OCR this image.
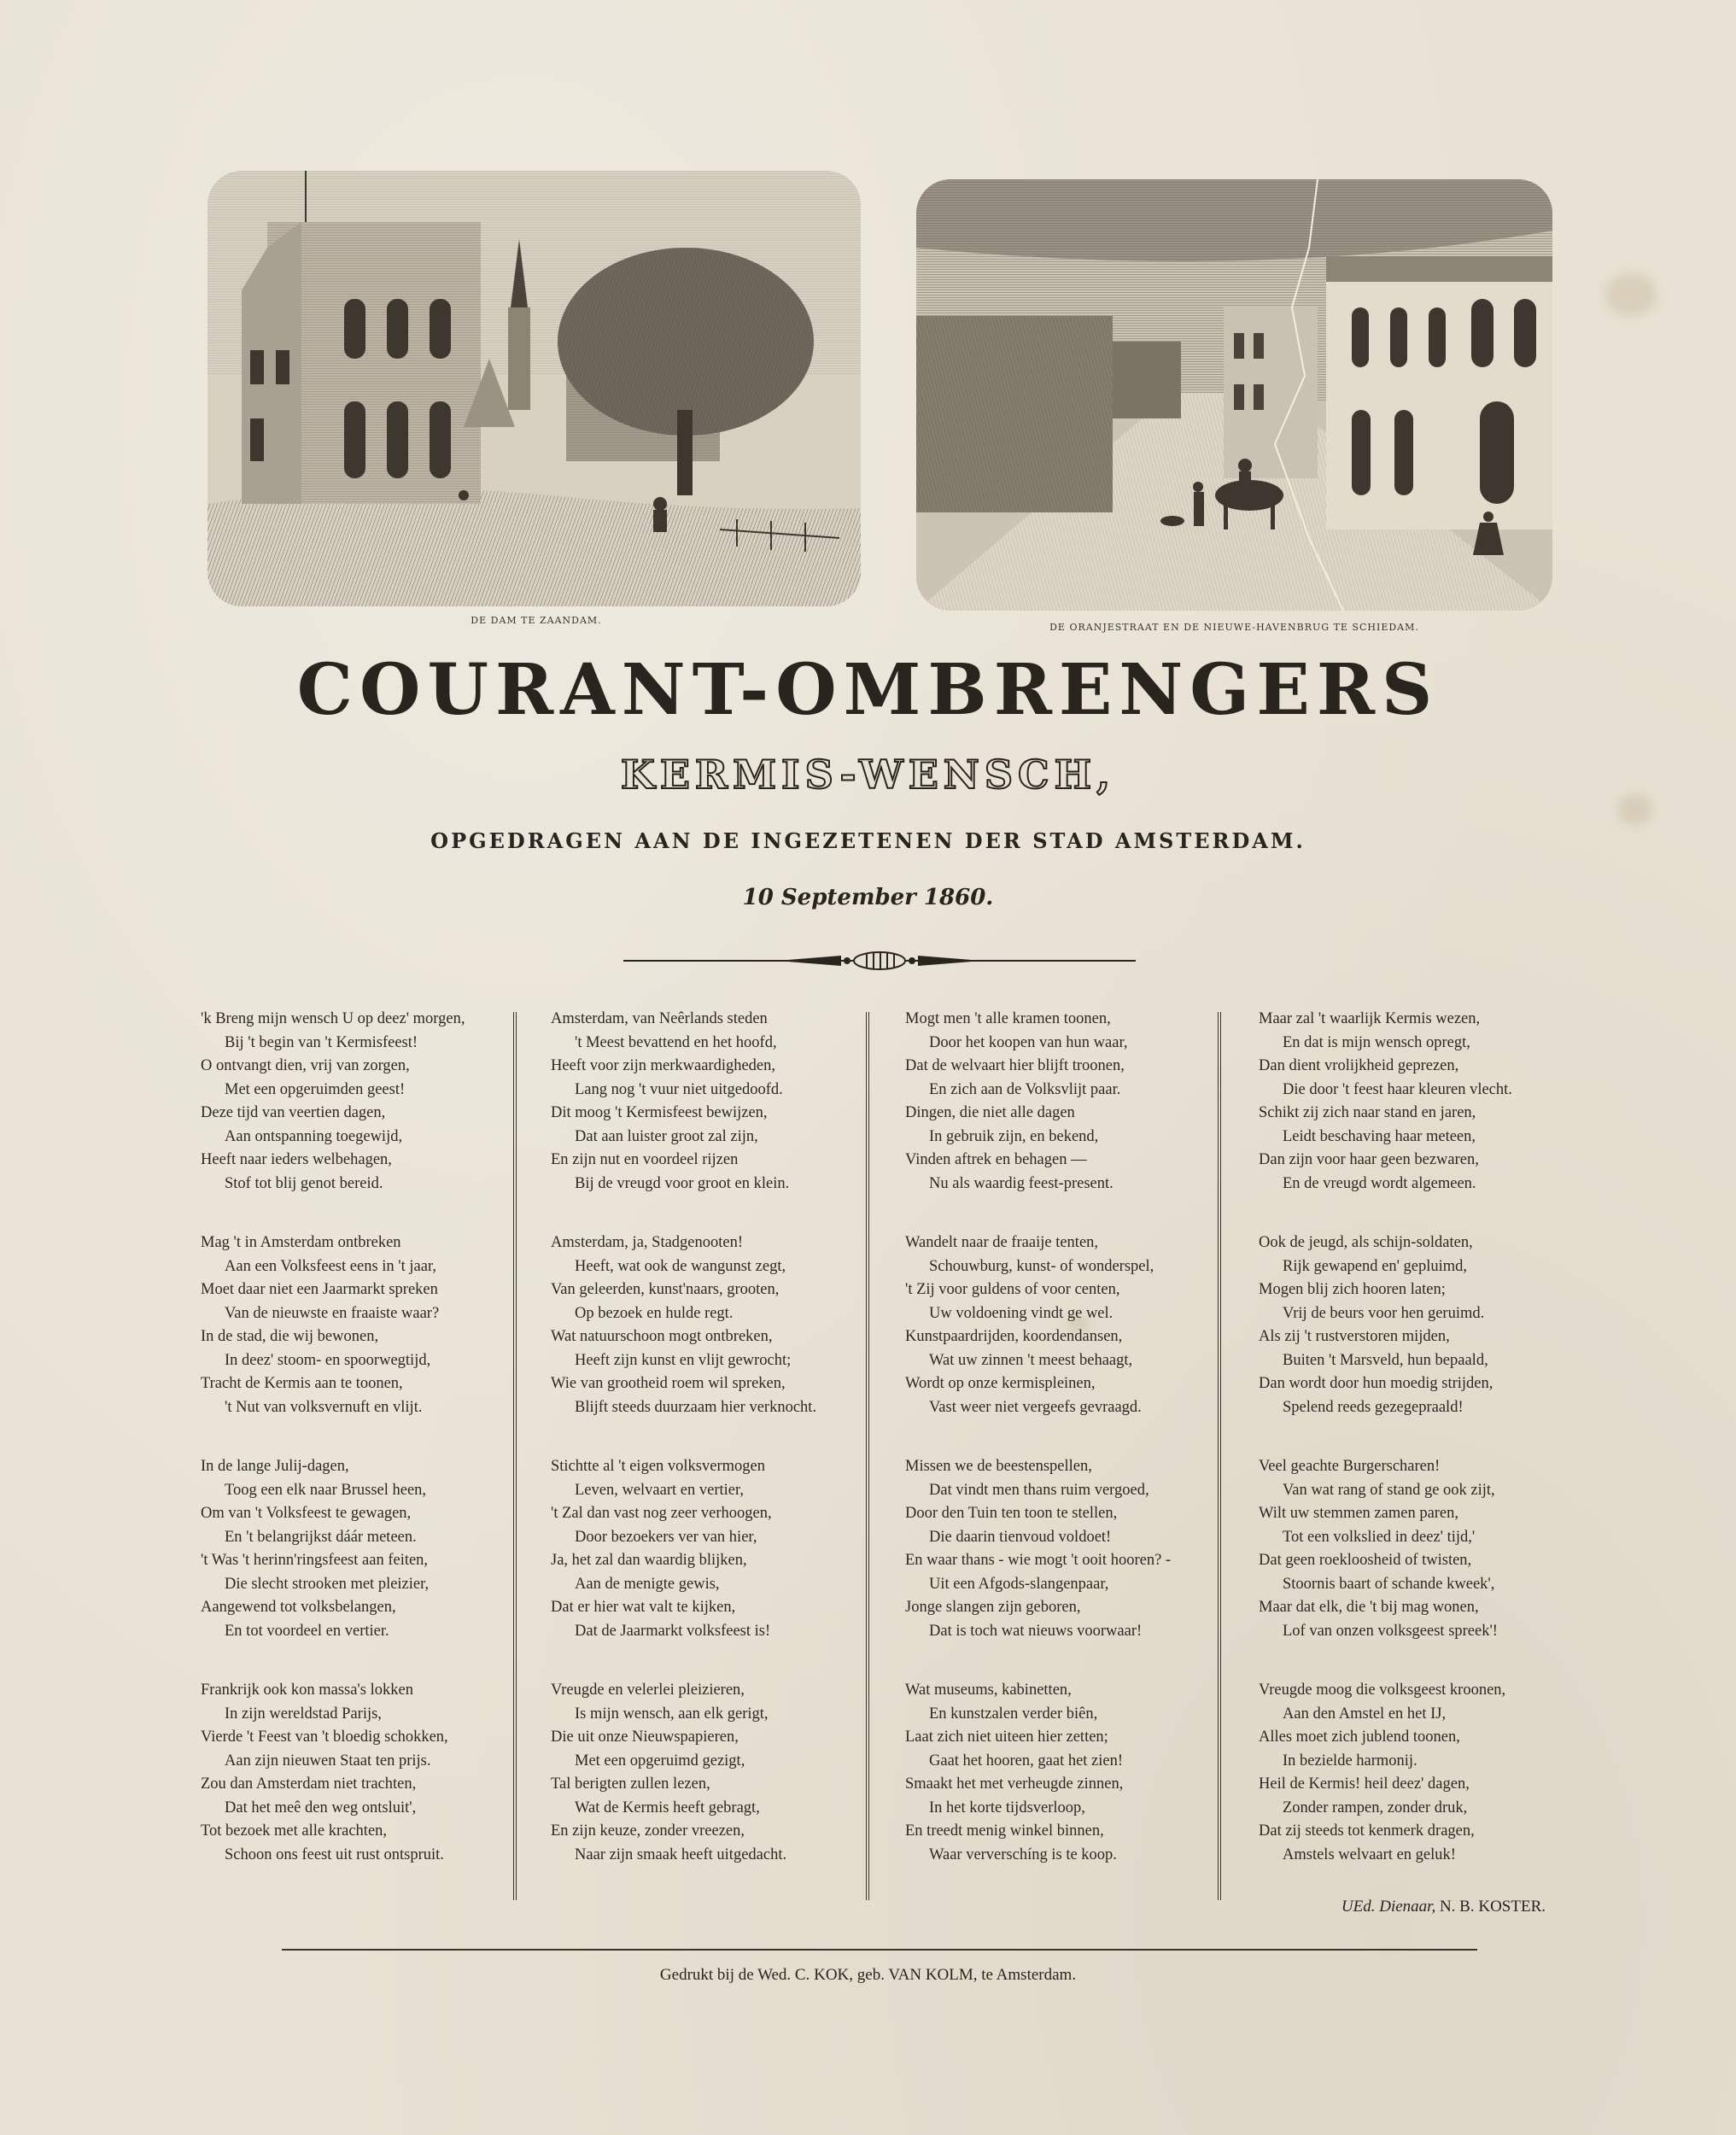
DE DAM TE ZAANDAM.
DE ORANJESTRAAT EN DE NIEUWE-HAVENBRUG TE SCHIEDAM.
COURANT-OMBRENGERS
KERMIS-WENSCH,
OPGEDRAGEN AAN DE INGEZETENEN DER STAD AMSTERDAM.
10 September 1860.
'k Breng mijn wensch U op deez' morgen,
Bij 't begin van 't Kermisfeest!
O ontvangt dien, vrij van zorgen,
Met een opgeruimden geest!
Deze tijd van veertien dagen,
Aan ontspanning toegewijd,
Heeft naar ieders welbehagen,
Stof tot blij genot bereid.
Mag 't in Amsterdam ontbreken
Aan een Volksfeest eens in 't jaar,
Moet daar niet een Jaarmarkt spreken
Van de nieuwste en fraaiste waar?
In de stad, die wij bewonen,
In deez' stoom- en spoorwegtijd,
Tracht de Kermis aan te toonen,
't Nut van volksvernuft en vlijt.
In de lange Julij-dagen,
Toog een elk naar Brussel heen,
Om van 't Volksfeest te gewagen,
En 't belangrijkst dáár meteen.
't Was 't herinn'ringsfeest aan feiten,
Die slecht strooken met pleizier,
Aangewend tot volksbelangen,
En tot voordeel en vertier.
Frankrijk ook kon massa's lokken
In zijn wereldstad Parijs,
Vierde 't Feest van 't bloedig schokken,
Aan zijn nieuwen Staat ten prijs.
Zou dan Amsterdam niet trachten,
Dat het meê den weg ontsluit',
Tot bezoek met alle krachten,
Schoon ons feest uit rust ontspruit.
Amsterdam, van Neêrlands steden
't Meest bevattend en het hoofd,
Heeft voor zijn merkwaardigheden,
Lang nog 't vuur niet uitgedoofd.
Dit moog 't Kermisfeest bewijzen,
Dat aan luister groot zal zijn,
En zijn nut en voordeel rijzen
Bij de vreugd voor groot en klein.
Amsterdam, ja, Stadgenooten!
Heeft, wat ook de wangunst zegt,
Van geleerden, kunst'naars, grooten,
Op bezoek en hulde regt.
Wat natuurschoon mogt ontbreken,
Heeft zijn kunst en vlijt gewrocht;
Wie van grootheid roem wil spreken,
Blijft steeds duurzaam hier verknocht.
Stichtte al 't eigen volksvermogen
Leven, welvaart en vertier,
't Zal dan vast nog zeer verhoogen,
Door bezoekers ver van hier,
Ja, het zal dan waardig blijken,
Aan de menigte gewis,
Dat er hier wat valt te kijken,
Dat de Jaarmarkt volksfeest is!
Vreugde en velerlei pleizieren,
Is mijn wensch, aan elk gerigt,
Die uit onze Nieuwspapieren,
Met een opgeruimd gezigt,
Tal berigten zullen lezen,
Wat de Kermis heeft gebragt,
En zijn keuze, zonder vreezen,
Naar zijn smaak heeft uitgedacht.
Mogt men 't alle kramen toonen,
Door het koopen van hun waar,
Dat de welvaart hier blijft troonen,
En zich aan de Volksvlijt paar.
Dingen, die niet alle dagen
In gebruik zijn, en bekend,
Vinden aftrek en behagen —
Nu als waardig feest-present.
Wandelt naar de fraaije tenten,
Schouwburg, kunst- of wonderspel,
't Zij voor guldens of voor centen,
Uw voldoening vindt ge wel.
Kunstpaardrijden, koordendansen,
Wat uw zinnen 't meest behaagt,
Wordt op onze kermispleinen,
Vast weer niet vergeefs gevraagd.
Missen we de beestenspellen,
Dat vindt men thans ruim vergoed,
Door den Tuin ten toon te stellen,
Die daarin tienvoud voldoet!
En waar thans - wie mogt 't ooit hooren? -
Uit een Afgods-slangenpaar,
Jonge slangen zijn geboren,
Dat is toch wat nieuws voorwaar!
Wat museums, kabinetten,
En kunstzalen verder biên,
Laat zich niet uiteen hier zetten;
Gaat het hooren, gaat het zien!
Smaakt het met verheugde zinnen,
In het korte tijdsverloop,
En treedt menig winkel binnen,
Waar ververschíng is te koop.
Maar zal 't waarlijk Kermis wezen,
En dat is mijn wensch opregt,
Dan dient vrolijkheid geprezen,
Die door 't feest haar kleuren vlecht.
Schikt zij zich naar stand en jaren,
Leidt beschaving haar meteen,
Dan zijn voor haar geen bezwaren,
En de vreugd wordt algemeen.
Ook de jeugd, als schijn-soldaten,
Rijk gewapend en' gepluimd,
Mogen blij zich hooren laten;
Vrij de beurs voor hen geruimd.
Als zij 't rustverstoren mijden,
Buiten 't Marsveld, hun bepaald,
Dan wordt door hun moedig strijden,
Spelend reeds gezegepraald!
Veel geachte Burgerscharen!
Van wat rang of stand ge ook zijt,
Wilt uw stemmen zamen paren,
Tot een volkslied in deez' tijd,'
Dat geen roekloosheid of twisten,
Stoornis baart of schande kweek',
Maar dat elk, die 't bij mag wonen,
Lof van onzen volksgeest spreek'!
Vreugde moog die volksgeest kroonen,
Aan den Amstel en het IJ,
Alles moet zich jublend toonen,
In bezielde harmonij.
Heil de Kermis! heil deez' dagen,
Zonder rampen, zonder druk,
Dat zij steeds tot kenmerk dragen,
Amstels welvaart en geluk!
UEd. Dienaar, N. B. KOSTER.
Gedrukt bij de Wed. C. KOK, geb. VAN KOLM, te Amsterdam.
